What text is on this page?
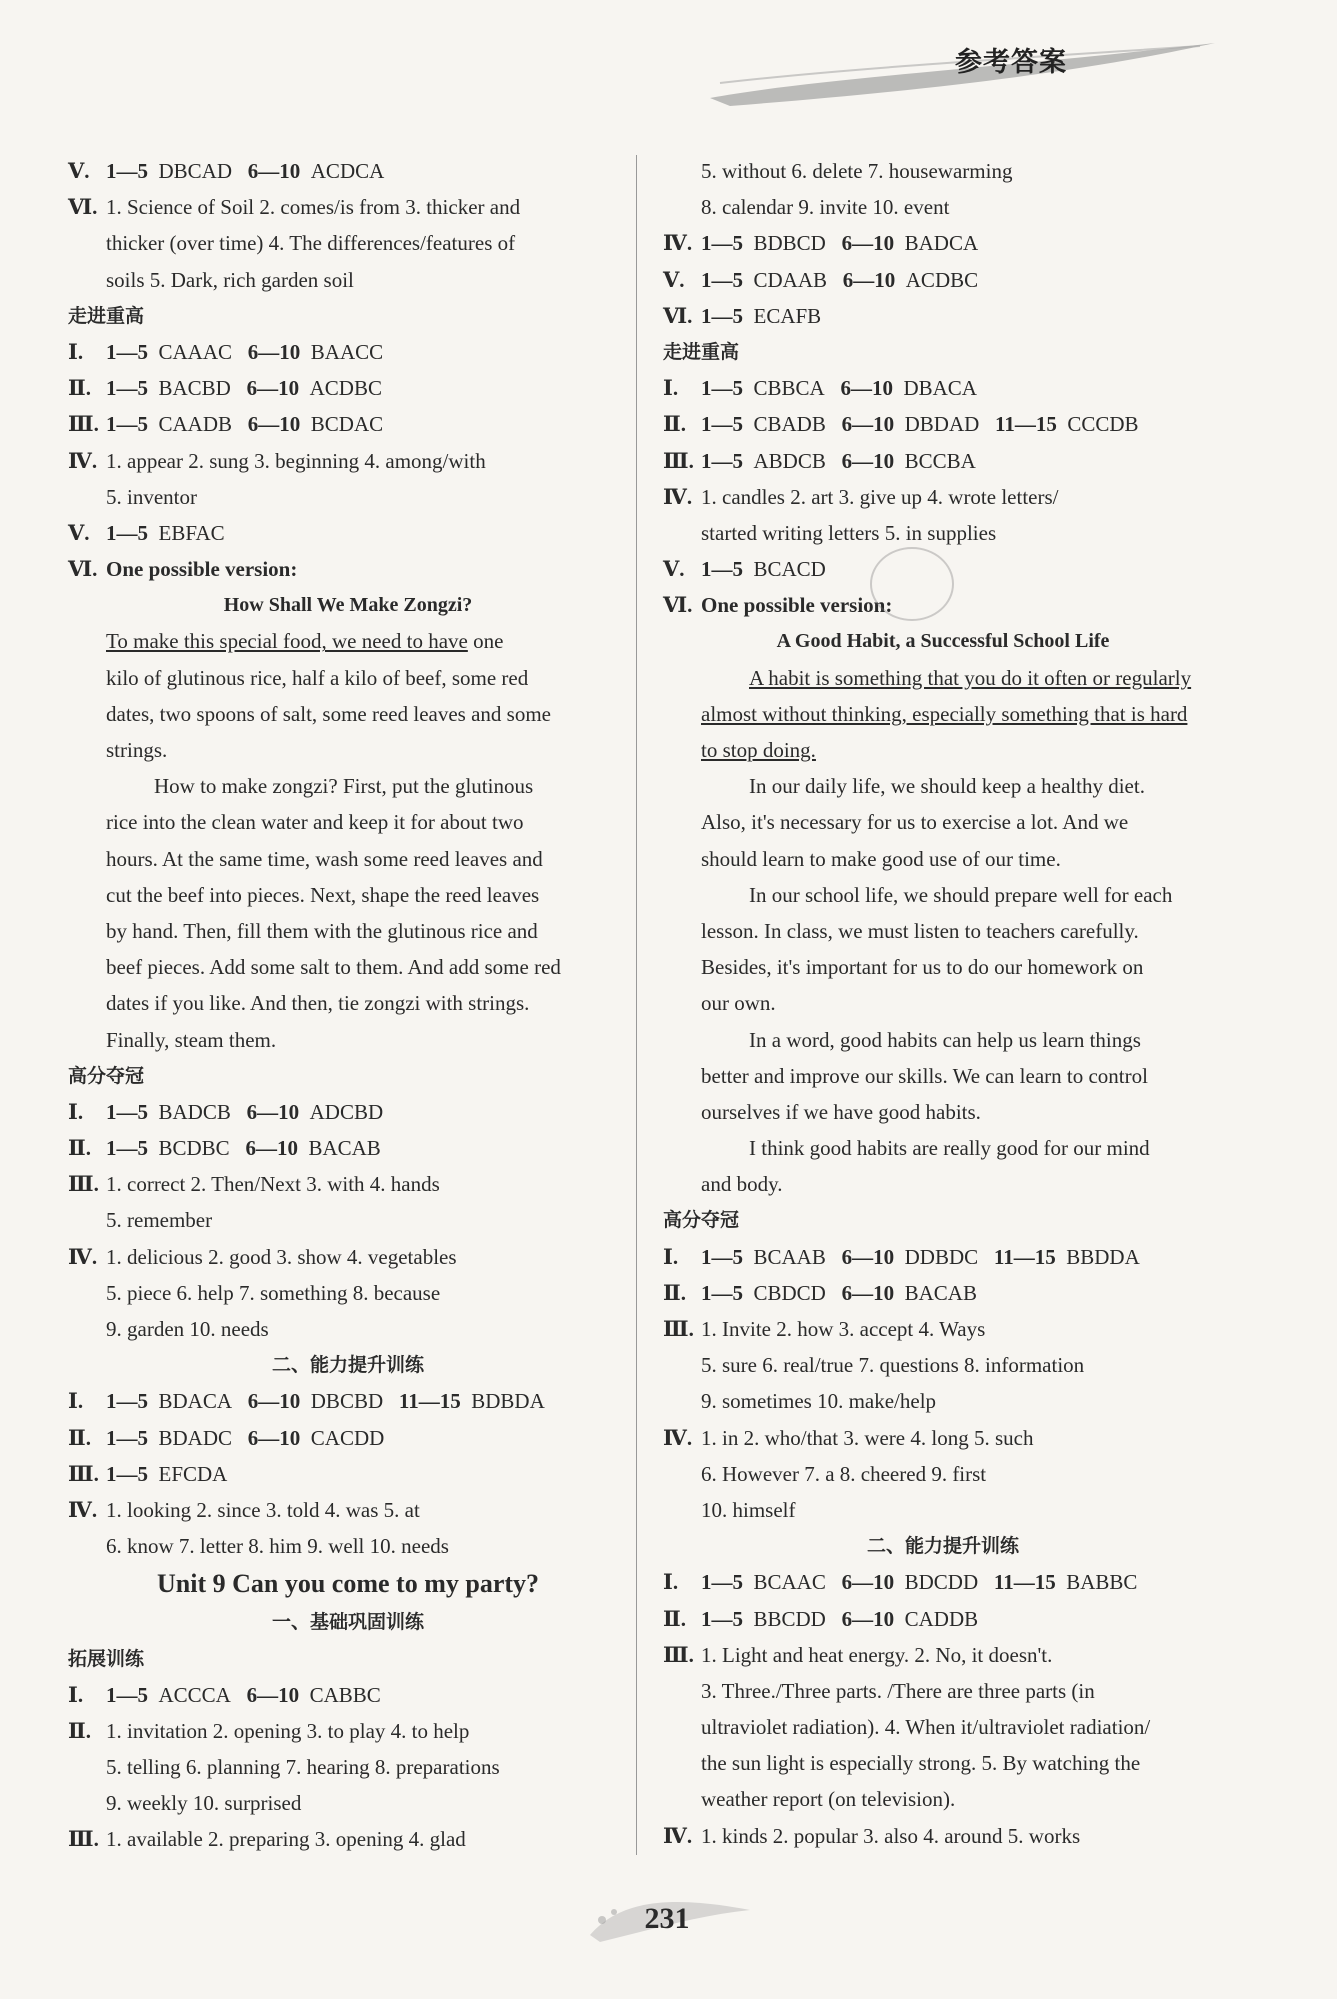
参考答案
Ⅴ. 1—5 DBCAD 6—10 ACDCA
Ⅵ. 1. Science of Soil 2. comes/is from 3. thicker and
thicker (over time) 4. The differences/features of
soils 5. Dark, rich garden soil
走进重高
Ⅰ. 1—5 CAAAC 6—10 BAACC
Ⅱ. 1—5 BACBD 6—10 ACDBC
Ⅲ. 1—5 CAADB 6—10 BCDAC
Ⅳ. 1. appear 2. sung 3. beginning 4. among/with
5. inventor
Ⅴ. 1—5 EBFAC
Ⅵ. One possible version:
How Shall We Make Zongzi?
To make this special food, we need to have one
kilo of glutinous rice, half a kilo of beef, some red
dates, two spoons of salt, some reed leaves and some
strings.
How to make zongzi? First, put the glutinous
rice into the clean water and keep it for about two
hours. At the same time, wash some reed leaves and
cut the beef into pieces. Next, shape the reed leaves
by hand. Then, fill them with the glutinous rice and
beef pieces. Add some salt to them. And add some red
dates if you like. And then, tie zongzi with strings.
Finally, steam them.
高分夺冠
Ⅰ. 1—5 BADCB 6—10 ADCBD
Ⅱ. 1—5 BCDBC 6—10 BACAB
Ⅲ. 1. correct 2. Then/Next 3. with 4. hands
5. remember
Ⅳ. 1. delicious 2. good 3. show 4. vegetables
5. piece 6. help 7. something 8. because
9. garden 10. needs
二、能力提升训练
Ⅰ. 1—5 BDACA 6—10 DBCBD 11—15 BDBDA
Ⅱ. 1—5 BDADC 6—10 CACDD
Ⅲ. 1—5 EFCDA
Ⅳ. 1. looking 2. since 3. told 4. was 5. at
6. know 7. letter 8. him 9. well 10. needs
Unit 9 Can you come to my party?
一、基础巩固训练
拓展训练
Ⅰ. 1—5 ACCCA 6—10 CABBC
Ⅱ. 1. invitation 2. opening 3. to play 4. to help
5. telling 6. planning 7. hearing 8. preparations
9. weekly 10. surprised
Ⅲ. 1. available 2. preparing 3. opening 4. glad
5. without 6. delete 7. housewarming
8. calendar 9. invite 10. event
Ⅳ. 1—5 BDBCD 6—10 BADCA
Ⅴ. 1—5 CDAAB 6—10 ACDBC
Ⅵ. 1—5 ECAFB
走进重高
Ⅰ. 1—5 CBBCA 6—10 DBACA
Ⅱ. 1—5 CBADB 6—10 DBDAD 11—15 CCCDB
Ⅲ. 1—5 ABDCB 6—10 BCCBA
Ⅳ. 1. candles 2. art 3. give up 4. wrote letters/
started writing letters 5. in supplies
Ⅴ. 1—5 BCACD
Ⅵ. One possible version:
A Good Habit, a Successful School Life
A habit is something that you do it often or regularly
almost without thinking, especially something that is hard
to stop doing.
In our daily life, we should keep a healthy diet.
Also, it's necessary for us to exercise a lot. And we
should learn to make good use of our time.
In our school life, we should prepare well for each
lesson. In class, we must listen to teachers carefully.
Besides, it's important for us to do our homework on
our own.
In a word, good habits can help us learn things
better and improve our skills. We can learn to control
ourselves if we have good habits.
I think good habits are really good for our mind
and body.
高分夺冠
Ⅰ. 1—5 BCAAB 6—10 DDBDC 11—15 BBDDA
Ⅱ. 1—5 CBDCD 6—10 BACAB
Ⅲ. 1. Invite 2. how 3. accept 4. Ways
5. sure 6. real/true 7. questions 8. information
9. sometimes 10. make/help
Ⅳ. 1. in 2. who/that 3. were 4. long 5. such
6. However 7. a 8. cheered 9. first
10. himself
二、能力提升训练
Ⅰ. 1—5 BCAAC 6—10 BDCDD 11—15 BABBC
Ⅱ. 1—5 BBCDD 6—10 CADDB
Ⅲ. 1. Light and heat energy. 2. No, it doesn't.
3. Three./Three parts. /There are three parts (in
ultraviolet radiation). 4. When it/ultraviolet radiation/
the sun light is especially strong. 5. By watching the
weather report (on television).
Ⅳ. 1. kinds 2. popular 3. also 4. around 5. works
231
